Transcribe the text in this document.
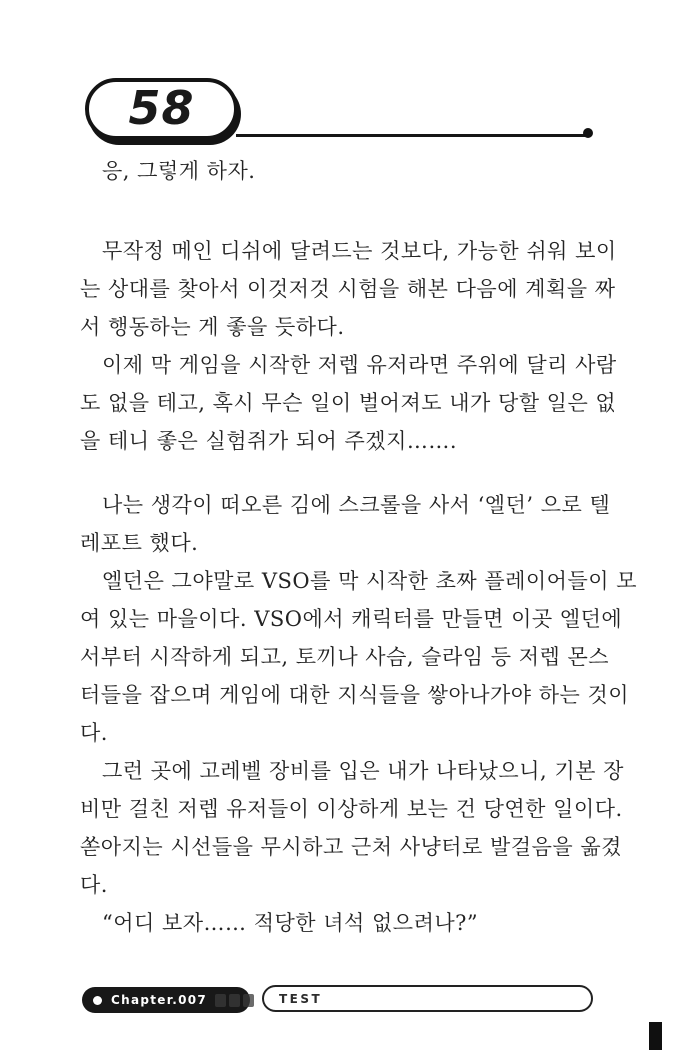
58
응, 그렇게 하자.
무작정 메인 디쉬에 달려드는 것보다, 가능한 쉬워 보이
는 상대를 찾아서 이것저것 시험을 해본 다음에 계획을 짜
서 행동하는 게 좋을 듯하다.
이제 막 게임을 시작한 저렙 유저라면 주위에 달리 사람
도 없을 테고, 혹시 무슨 일이 벌어져도 내가 당할 일은 없
을 테니 좋은 실험쥐가 되어 주겠지…….
나는 생각이 떠오른 김에 스크롤을 사서 ‘엘던’ 으로 텔
레포트 했다.
엘던은 그야말로 VSO를 막 시작한 초짜 플레이어들이 모
여 있는 마을이다. VSO에서 캐릭터를 만들면 이곳 엘던에
서부터 시작하게 되고, 토끼나 사슴, 슬라임 등 저렙 몬스
터들을 잡으며 게임에 대한 지식들을 쌓아나가야 하는 것이
다.
그런 곳에 고레벨 장비를 입은 내가 나타났으니, 기본 장
비만 걸친 저렙 유저들이 이상하게 보는 건 당연한 일이다.
쏟아지는 시선들을 무시하고 근처 사냥터로 발걸음을 옮겼
다.
“어디 보자…… 적당한 녀석 없으려나?”
Chapter.007	TEST
